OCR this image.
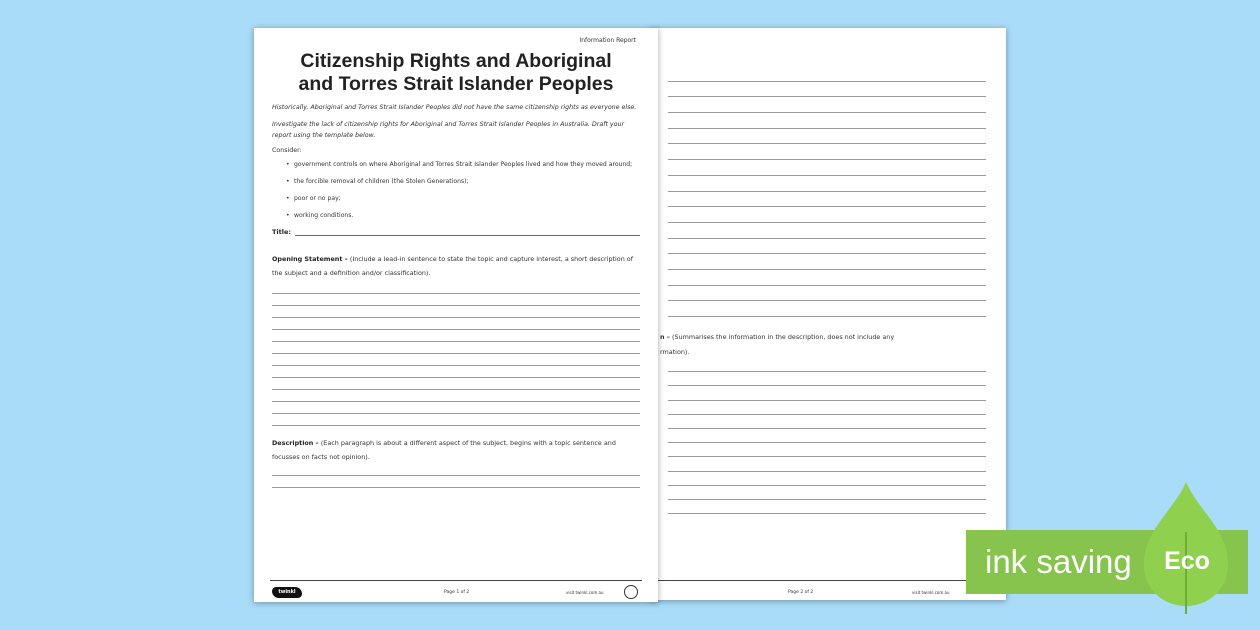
n – (Summarises the information in the description, does not include any
rmation).
Page 2 of 2	visit twinkl.com.au
Information Report
Citizenship Rights and Aboriginal
and Torres Strait Islander Peoples

Historically, Aboriginal and Torres Strait Islander Peoples did not have the same citizenship rights as everyone else.

Investigate the lack of citizenship rights for Aboriginal and Torres Strait Islander Peoples in Australia. Draft your report using the template below.

Consider:

• government controls on where Aboriginal and Torres Strait Islander Peoples lived and how they moved around;
• the forcible removal of children (the Stolen Generations);
• poor or no pay;
• working conditions.
Title:
Opening Statement – (Include a lead-in sentence to state the topic and capture interest, a short description of the subject and a definition and/or classification).
Description – (Each paragraph is about a different aspect of the subject, begins with a topic sentence and focusses on facts not opinion).
twinkl	Page 1 of 2	visit twinkl.com.au
ink saving Eco
